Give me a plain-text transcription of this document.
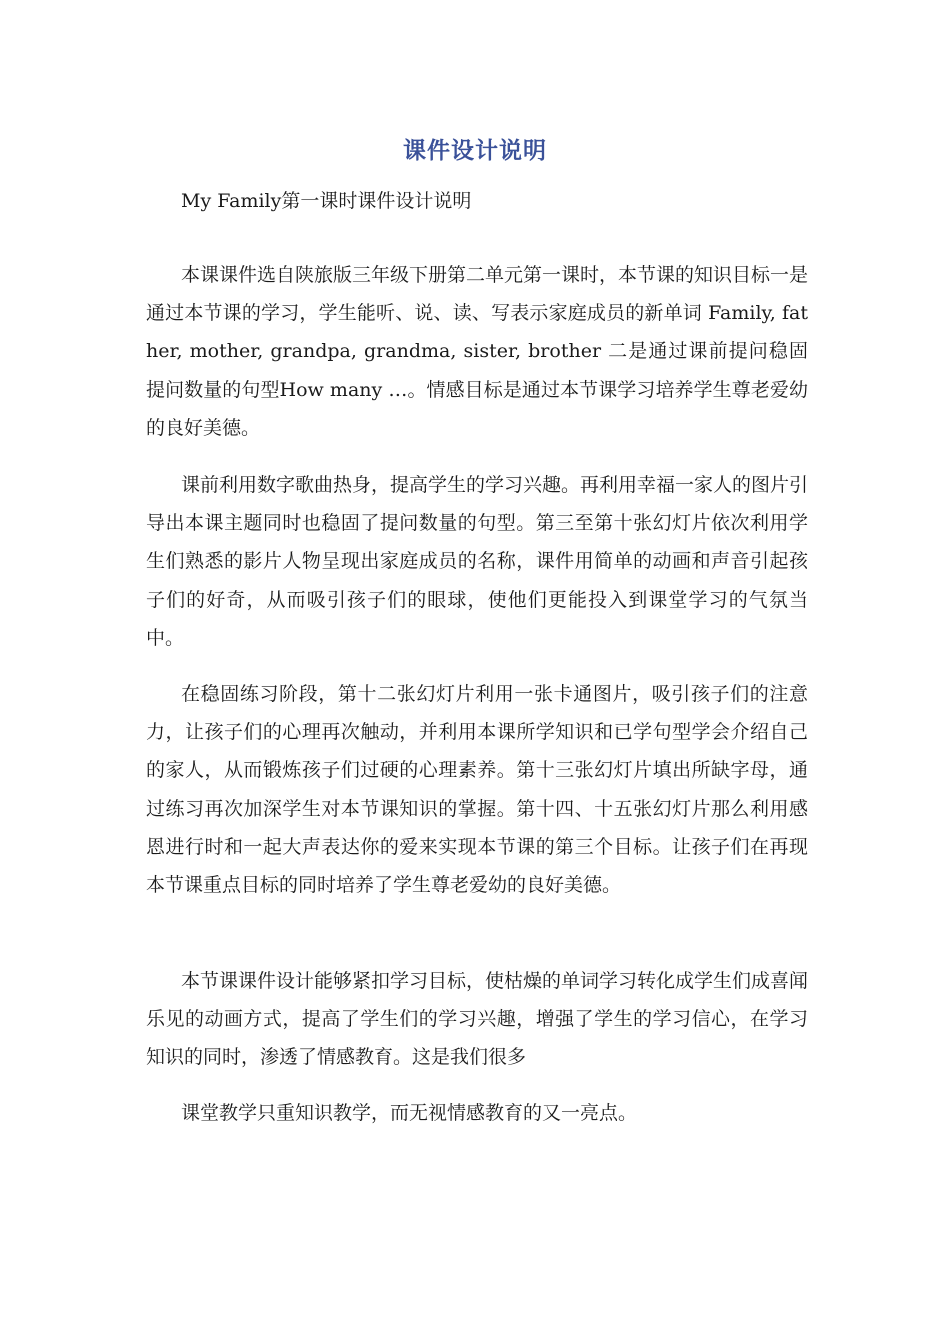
课件设计说明
My Family第一课时课件设计说明

本课课件选自陕旅版三年级下册第二单元第一课时，本节课的知识目标一是通过本节课的学习，学生能听、说、读、写表示家庭成员的新单词 Family, father, mother, grandpa, grandma, sister, brother 二是通过课前提问稳固提问数量的句型How many …。情感目标是通过本节课学习培养学生尊老爱幼的良好美德。

课前利用数字歌曲热身，提高学生的学习兴趣。再利用幸福一家人的图片引导出本课主题同时也稳固了提问数量的句型。第三至第十张幻灯片依次利用学生们熟悉的影片人物呈现出家庭成员的名称，课件用简单的动画和声音引起孩子们的好奇，从而吸引孩子们的眼球，使他们更能投入到课堂学习的气氛当中。

在稳固练习阶段，第十二张幻灯片利用一张卡通图片，吸引孩子们的注意力，让孩子们的心理再次触动，并利用本课所学知识和已学句型学会介绍自己的家人，从而锻炼孩子们过硬的心理素养。第十三张幻灯片填出所缺字母，通过练习再次加深学生对本节课知识的掌握。第十四、十五张幻灯片那么利用感恩进行时和一起大声表达你的爱来实现本节课的第三个目标。让孩子们在再现本节课重点目标的同时培养了学生尊老爱幼的良好美德。

本节课课件设计能够紧扣学习目标，使枯燥的单词学习转化成学生们成喜闻乐见的动画方式，提高了学生们的学习兴趣，增强了学生的学习信心，在学习知识的同时，渗透了情感教育。这是我们很多

课堂教学只重知识教学，而无视情感教育的又一亮点。
